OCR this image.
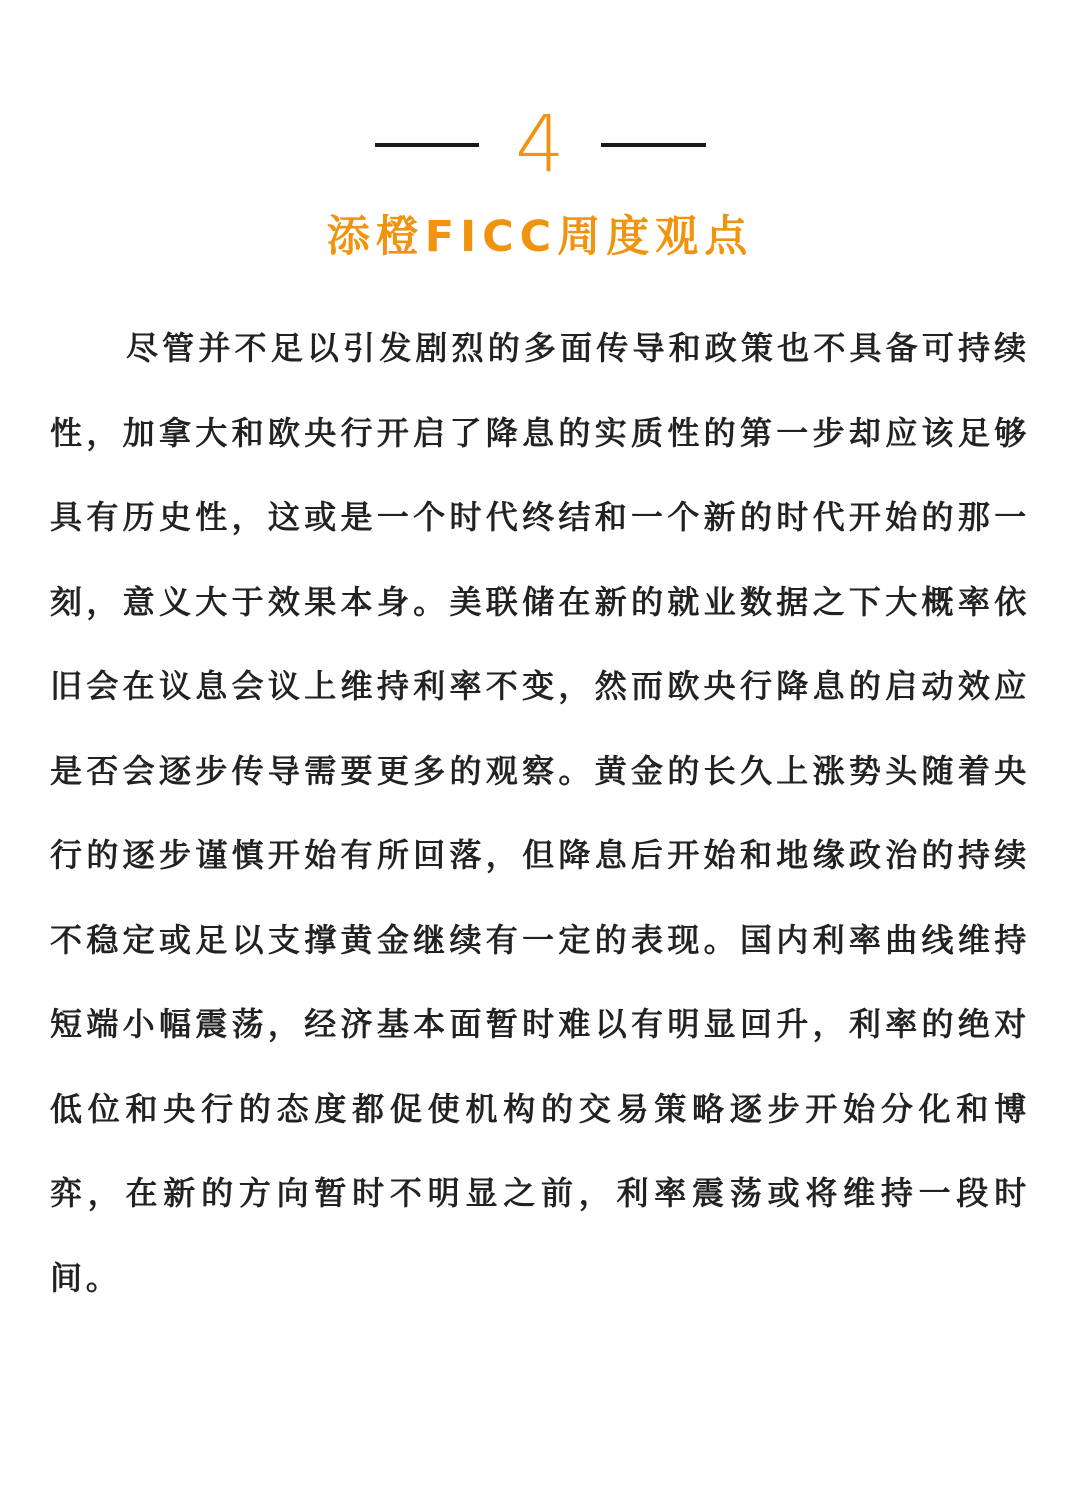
4
添橙FICC周度观点

尽管并不足以引发剧烈的多面传导和政策也不具备可持续性，加拿大和欧央行开启了降息的实质性的第一步却应该足够具有历史性，这或是一个时代终结和一个新的时代开始的那一刻，意义大于效果本身。美联储在新的就业数据之下大概率依旧会在议息会议上维持利率不变，然而欧央行降息的启动效应是否会逐步传导需要更多的观察。黄金的长久上涨势头随着央行的逐步谨慎开始有所回落，但降息后开始和地缘政治的持续不稳定或足以支撑黄金继续有一定的表现。国内利率曲线维持短端小幅震荡，经济基本面暂时难以有明显回升，利率的绝对低位和央行的态度都促使机构的交易策略逐步开始分化和博弈，在新的方向暂时不明显之前，利率震荡或将维持一段时间。
